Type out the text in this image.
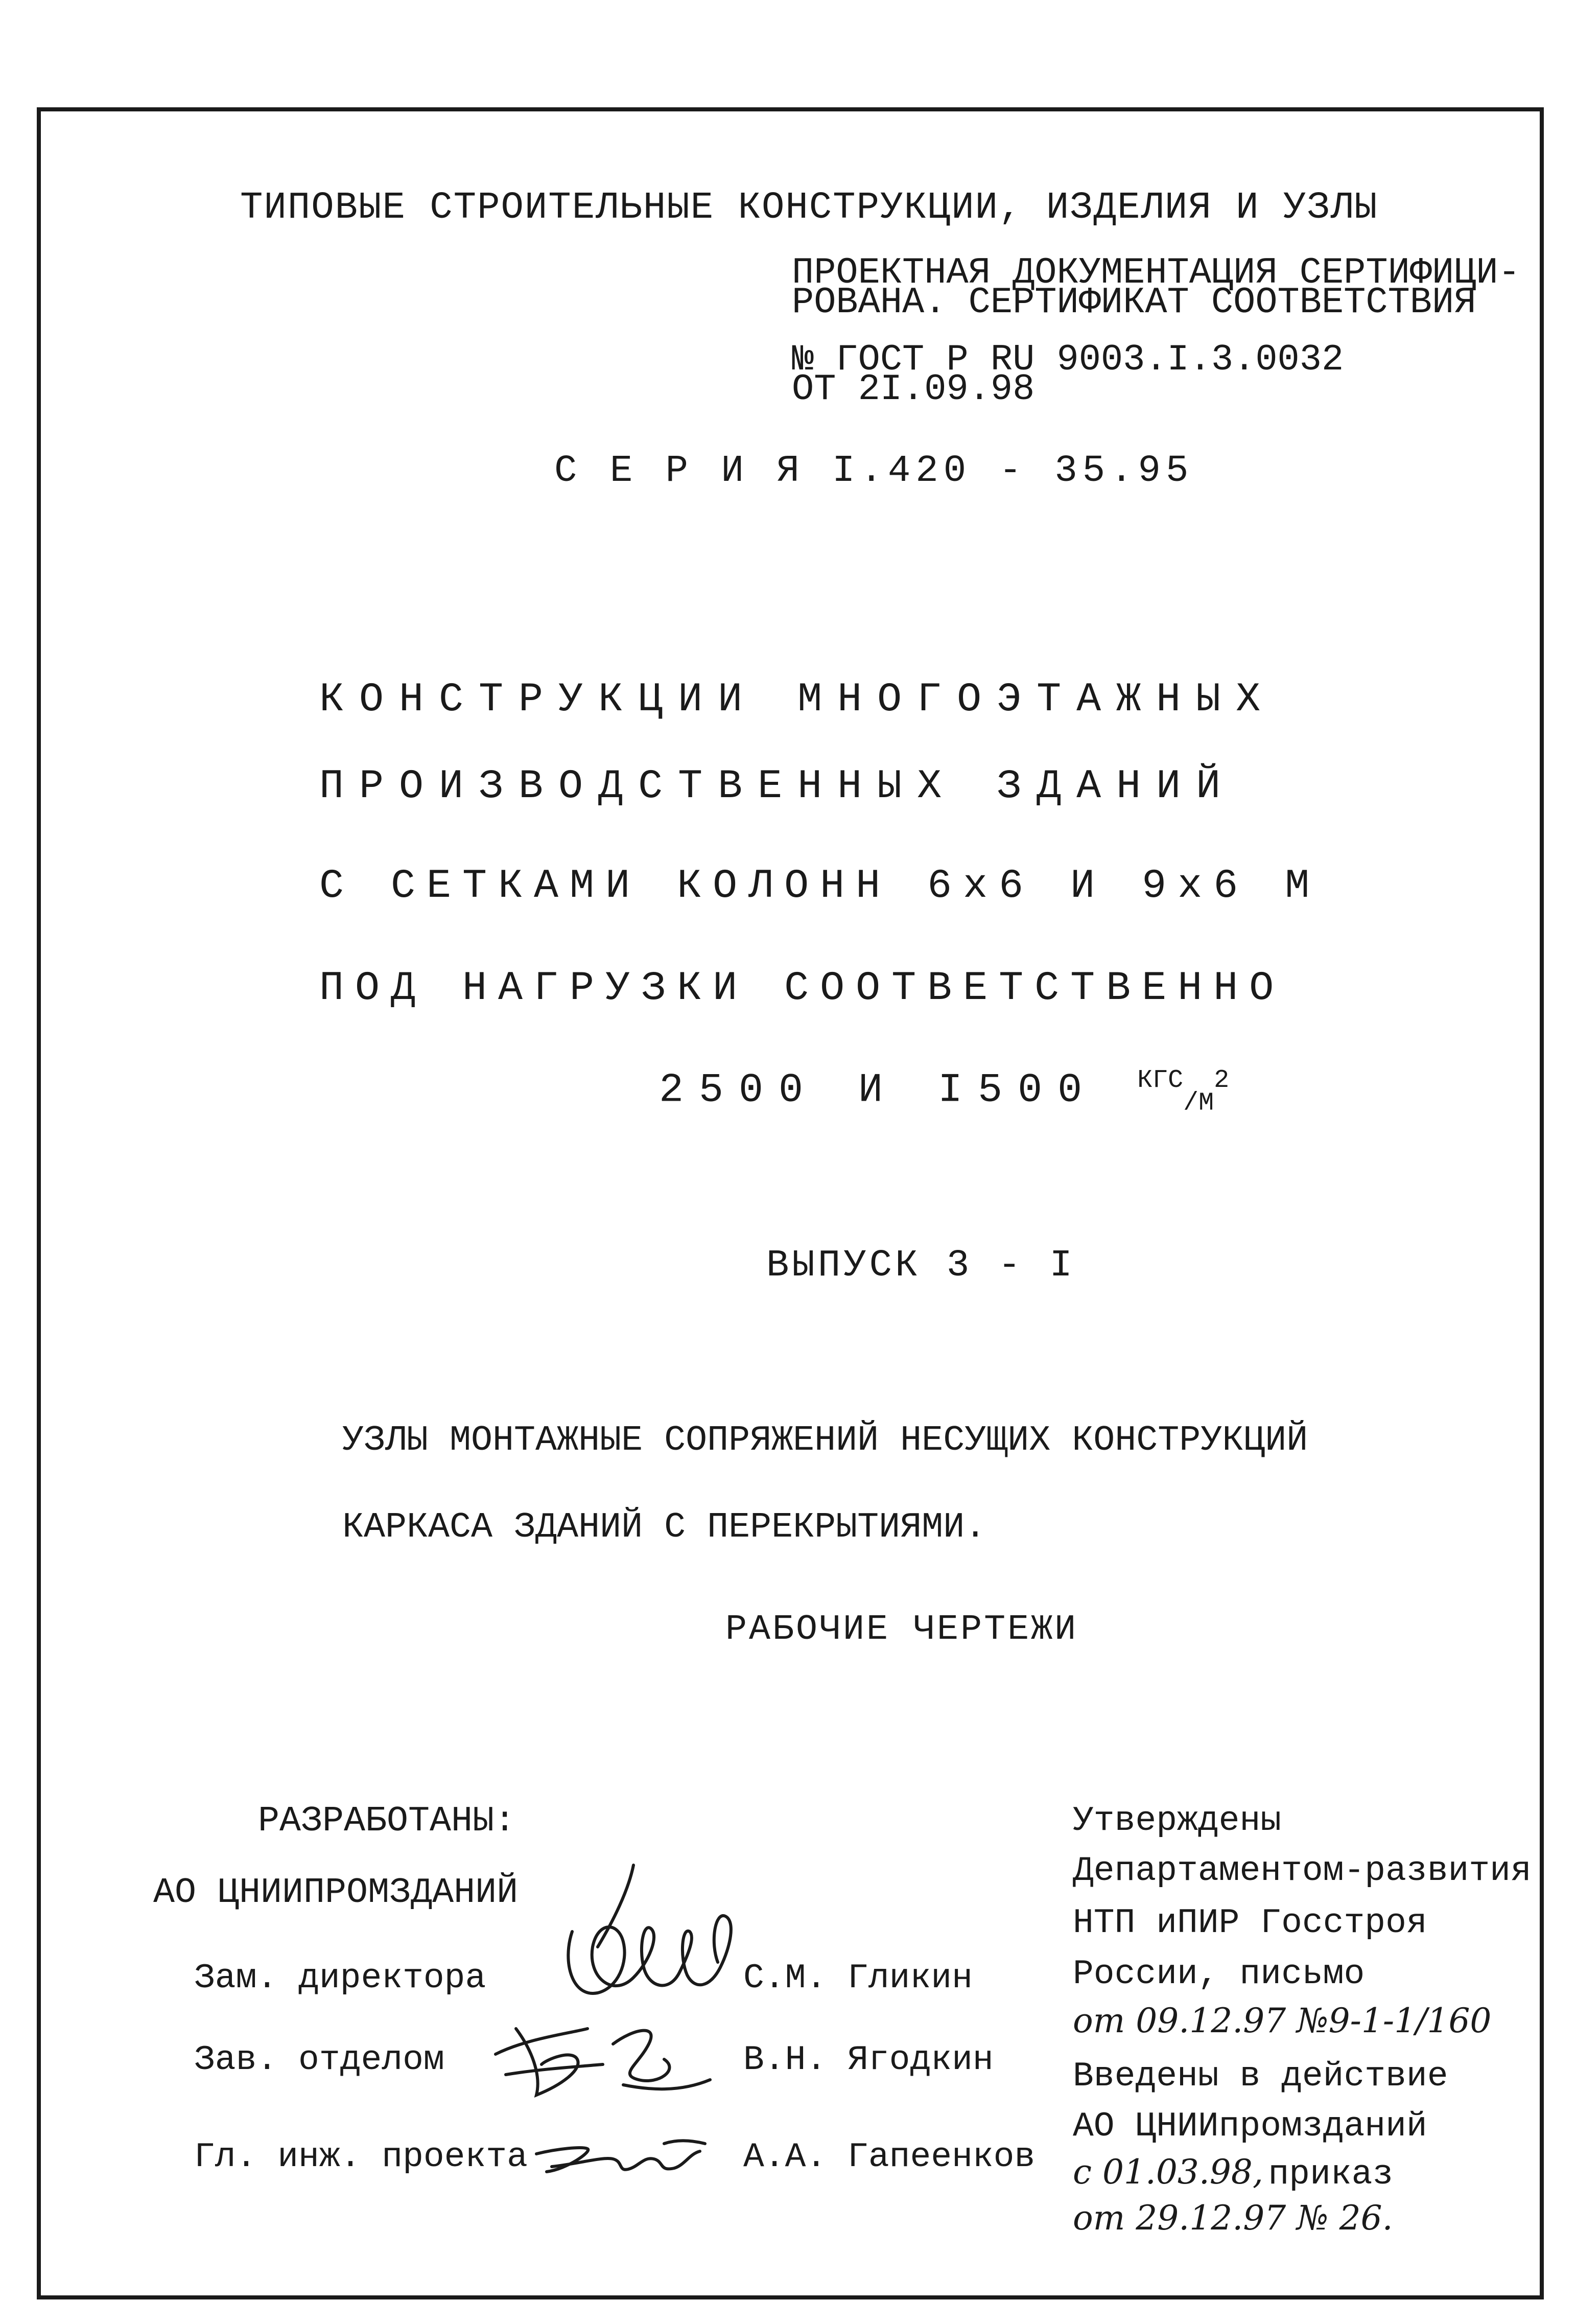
ТИПОВЫЕ СТРОИТЕЛЬНЫЕ КОНСТРУКЦИИ, ИЗДЕЛИЯ И УЗЛЫ
ПРОЕКТНАЯ ДОКУМЕНТАЦИЯ СЕРТИФИЦИ-
РОВАНА. СЕРТИФИКАТ СООТВЕТСТВИЯ
№ ГОСТ Р RU 9003.I.3.0032
ОТ 2I.09.98
С Е Р И Я I.420 - 35.95
КОНСТРУКЦИИ МНОГОЭТАЖНЫХ
ПРОИЗВОДСТВЕННЫХ ЗДАНИЙ
С СЕТКАМИ КОЛОНН 6х6 И 9х6 М
ПОД НАГРУЗКИ СООТВЕТСТВЕННО
2500 И I500 $^{КГС}_{/М}^2$
ВЫПУСК 3 - I
УЗЛЫ МОНТАЖНЫЕ СОПРЯЖЕНИЙ НЕСУЩИХ КОНСТРУКЦИЙ
КАРКАСА ЗДАНИЙ С ПЕРЕКРЫТИЯМИ.
РАБОЧИЕ ЧЕРТЕЖИ
РАЗРАБОТАНЫ:
АО ЦНИИПРОМЗДАНИЙ
Зам. директора	С.М. Гликин
Зав. отделом	В.Н. Ягодкин
Гл. инж. проекта	А.А. Гапеенков
Утверждены
Департаментом-развития
НТП иПИР Госстроя
России, письмо
от 09.12.97 №9-1-1/160
Введены в действие
АО ЦНИИпромзданий
с 01.03.98, приказ
от 29.12.97 № 26.
